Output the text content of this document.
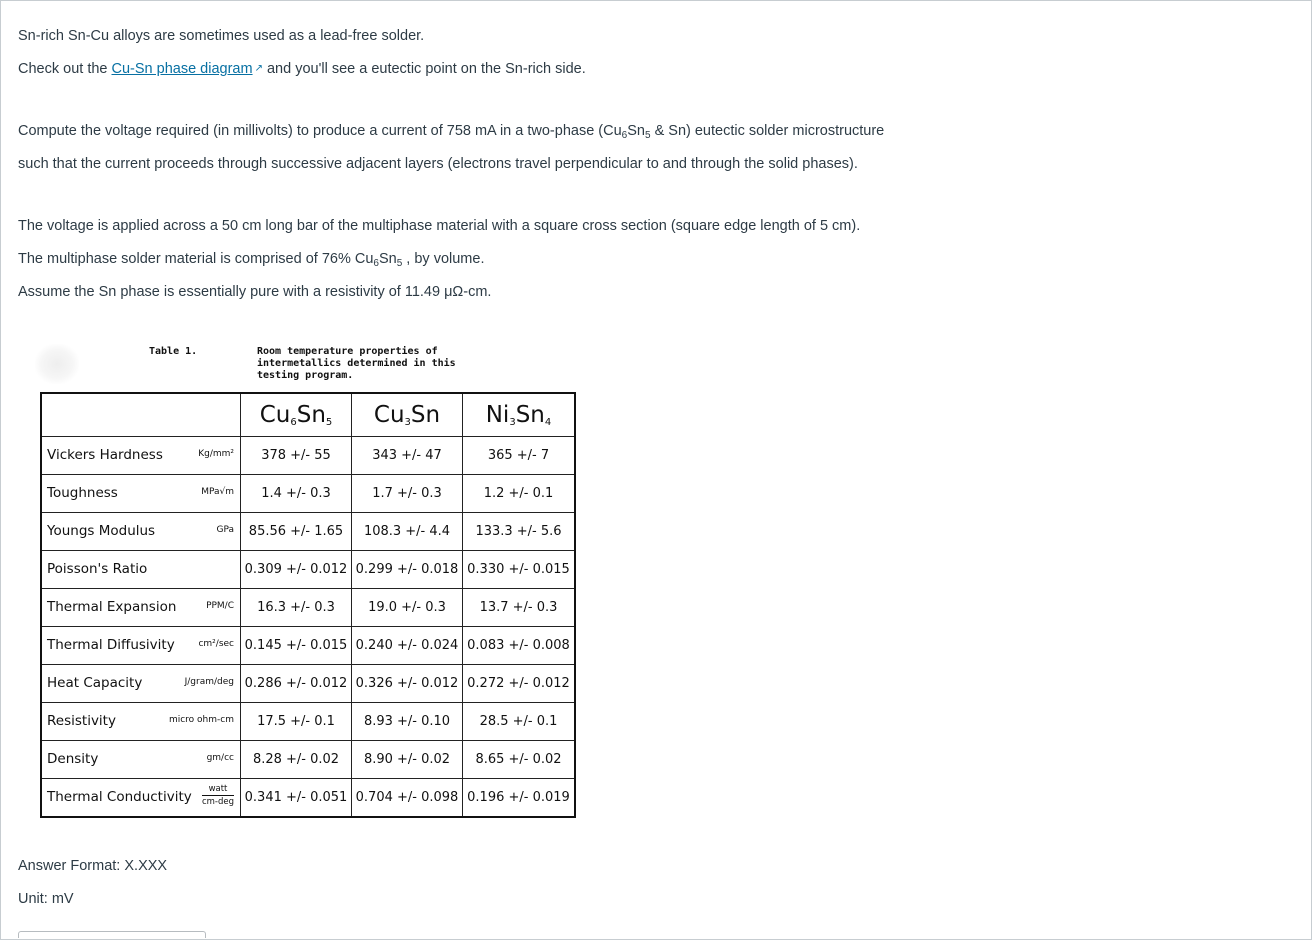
Sn-rich Sn-Cu alloys are sometimes used as a lead-free solder.
Check out the Cu-Sn phase diagram ↗ and you'll see a eutectic point on the Sn-rich side.
Compute the voltage required (in millivolts) to produce a current of 758 mA in a two-phase ($Cu_6Sn_5$ & Sn) eutectic solder microstructure
such that the current proceeds through successive adjacent layers (electrons travel perpendicular to and through the solid phases).
The voltage is applied across a 50 cm long bar of the multiphase material with a square cross section (square edge length of 5 cm).
The multiphase solder material is comprised of 76% $Cu_6Sn_5$ , by volume.
Assume the Sn phase is essentially pure with a resistivity of 11.49 μΩ-cm.
Table 1.	Room temperature properties of
intermetallics determined in this
testing program.
	$Cu_6Sn_5$	$Cu_3Sn$	$Ni_3Sn_4$

Vickers Hardness Kg/mm²	378 +/- 55	343 +/- 47	365 +/- 7

Toughness MPa√m	1.4 +/- 0.3	1.7 +/- 0.3	1.2 +/- 0.1

Youngs Modulus GPa	85.56 +/- 1.65	108.3 +/- 4.4	133.3 +/- 5.6

Poisson's Ratio	0.309 +/- 0.012	0.299 +/- 0.018	0.330 +/- 0.015

Thermal Expansion PPM/C	16.3 +/- 0.3	19.0 +/- 0.3	13.7 +/- 0.3

Thermal Diffusivity cm²/sec	0.145 +/- 0.015	0.240 +/- 0.024	0.083 +/- 0.008

Heat Capacity J/gram/deg	0.286 +/- 0.012	0.326 +/- 0.012	0.272 +/- 0.012

Resistivity micro ohm-cm	17.5 +/- 0.1	8.93 +/- 0.10	28.5 +/- 0.1

Density gm/cc	8.28 +/- 0.02	8.90 +/- 0.02	8.65 +/- 0.02

Thermal Conductivity watt
cm-deg	0.341 +/- 0.051	0.704 +/- 0.098	0.196 +/- 0.019
Answer Format: X.XXX
Unit: mV
